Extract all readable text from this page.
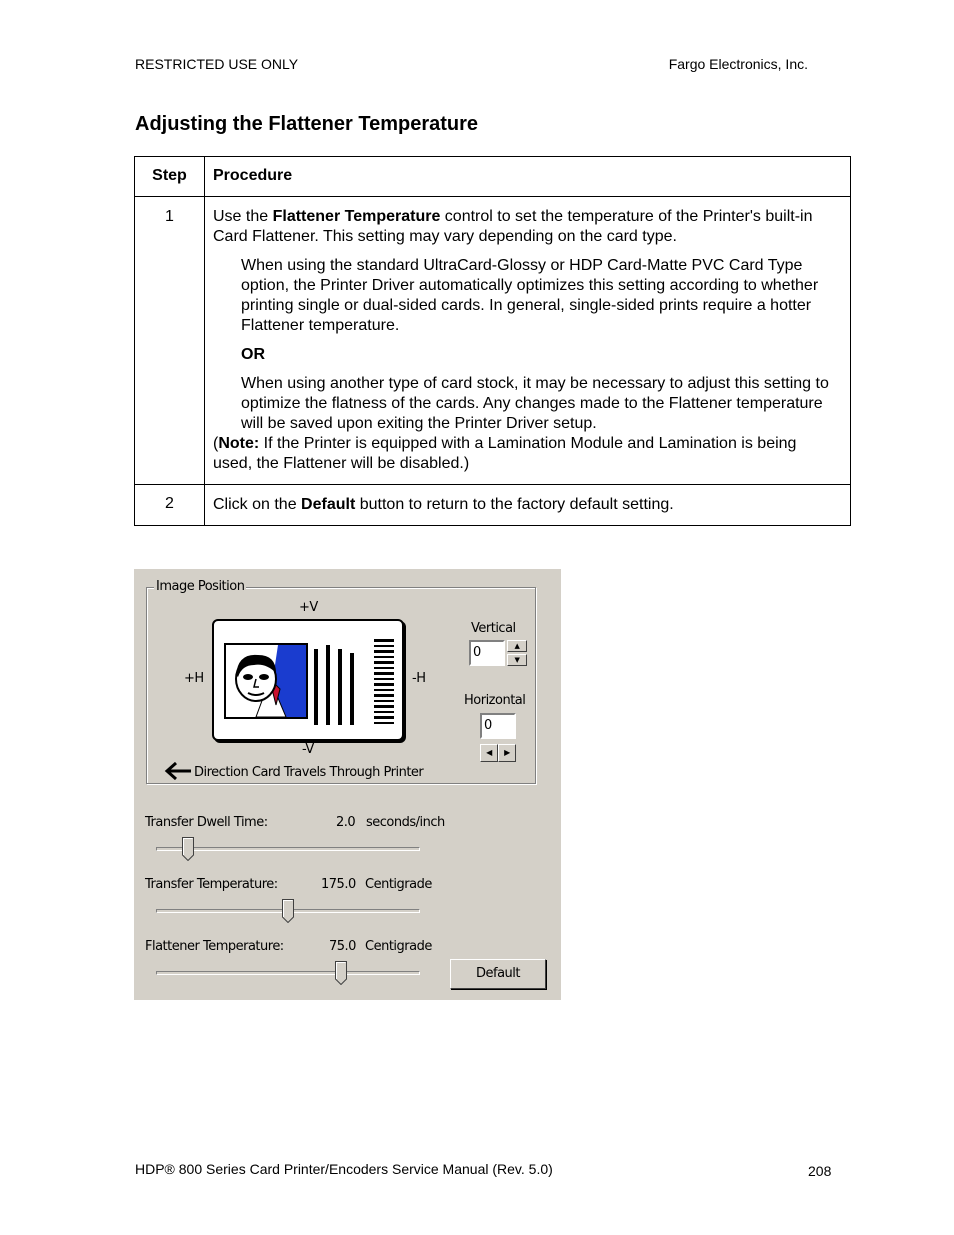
RESTRICTED USE ONLY	Fargo Electronics, Inc.
Adjusting the Flattener Temperature
Step	Procedure
1	Use the Flattener Temperature control to set the temperature of the Printer's built-in Card Flattener. This setting may vary depending on the card type.

When using the standard UltraCard-Glossy or HDP Card-Matte PVC Card Type option, the Printer Driver automatically optimizes this setting according to whether printing single or dual-sided cards. In general, single-sided prints require a hotter Flattener temperature.

OR

When using another type of card stock, it may be necessary to adjust this setting to optimize the flatness of the cards. Any changes made to the Flattener temperature will be saved upon exiting the Printer Driver setup.

(Note: If the Printer is equipped with a Lamination Module and Lamination is being used, the Flattener will be disabled.)

2	Click on the Default button to return to the factory default setting.
Image Position
+V
-V
+H	-H
Direction Card Travels Through Printer
Vertical
0	▲
▼
Horizontal
0
◀	▶
Transfer Dwell Time:	2.0 seconds/inch
Transfer Temperature:	175.0 Centigrade
Flattener Temperature:	75.0 Centigrade
Default
HDP® 800 Series Card Printer/Encoders Service Manual (Rev. 5.0)	208
